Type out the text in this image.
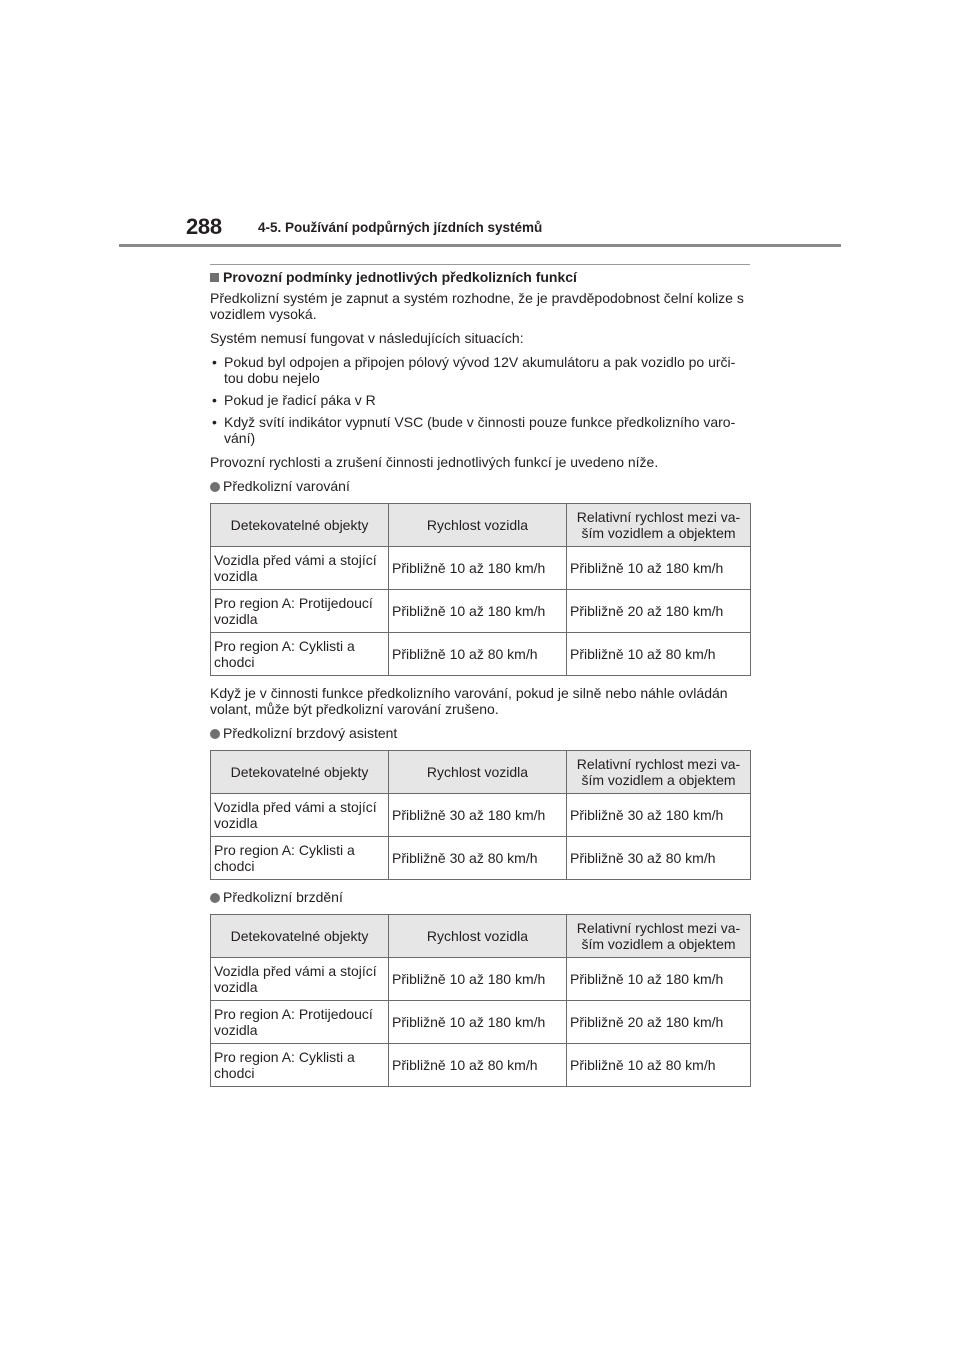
288	4-5. Používání podpůrných jízdních systémů
Provozní podmínky jednotlivých předkolizních funkcí

Předkolizní systém je zapnut a systém rozhodne, že je pravděpodobnost čelní kolize s vozidlem vysoká.

Systém nemusí fungovat v následujících situacích:

• Pokud byl odpojen a připojen pólový vývod 12V akumulátoru a pak vozidlo po urči-tou dobu nejelo
• Pokud je řadicí páka v R
• Když svítí indikátor vypnutí VSC (bude v činnosti pouze funkce předkolizního varo-vání)

Provozní rychlosti a zrušení činnosti jednotlivých funkcí je uvedeno níže.

Předkolizní varování
Detekovatelné objekty	Rychlost vozidla	Relativní rychlost mezi va-ším vozidlem a objektem
Vozidla před vámi a stojící vozidla	Přibližně 10 až 180 km/h	Přibližně 10 až 180 km/h
Pro region A: Protijedoucí vozidla	Přibližně 10 až 180 km/h	Přibližně 20 až 180 km/h
Pro region A: Cyklisti a chodci	Přibližně 10 až 80 km/h	Přibližně 10 až 80 km/h

Když je v činnosti funkce předkolizního varování, pokud je silně nebo náhle ovládán volant, může být předkolizní varování zrušeno.

Předkolizní brzdový asistent
Detekovatelné objekty	Rychlost vozidla	Relativní rychlost mezi va-ším vozidlem a objektem
Vozidla před vámi a stojící vozidla	Přibližně 30 až 180 km/h	Přibližně 30 až 180 km/h
Pro region A: Cyklisti a chodci	Přibližně 30 až 80 km/h	Přibližně 30 až 80 km/h
Předkolizní brzdění
Detekovatelné objekty	Rychlost vozidla	Relativní rychlost mezi va-ším vozidlem a objektem
Vozidla před vámi a stojící vozidla	Přibližně 10 až 180 km/h	Přibližně 10 až 180 km/h
Pro region A: Protijedoucí vozidla	Přibližně 10 až 180 km/h	Přibližně 20 až 180 km/h
Pro region A: Cyklisti a chodci	Přibližně 10 až 80 km/h	Přibližně 10 až 80 km/h
